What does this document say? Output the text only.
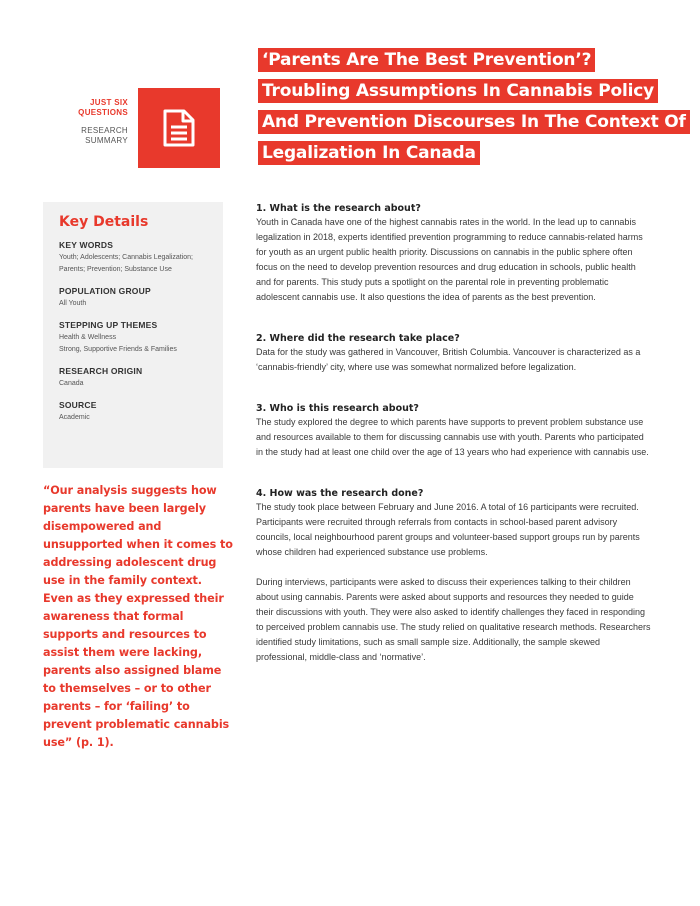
JUST SIX
QUESTIONS
RESEARCH
SUMMARY
‘Parents Are The Best Prevention’?
Troubling Assumptions In Cannabis Policy
And Prevention Discourses In The Context Of
Legalization In Canada
Key Details
KEY WORDS
Youth; Adolescents; Cannabis Legalization; Parents; Prevention; Substance Use
POPULATION GROUP
All Youth
STEPPING UP THEMES
Health & Wellness
Strong, Supportive Friends & Families
RESEARCH ORIGIN
Canada
SOURCE
Academic
“Our analysis suggests how parents have been largely disempowered and unsupported when it comes to addressing adolescent drug use in the family context. Even as they expressed their awareness that formal supports and resources to assist them were lacking, parents also assigned blame to themselves – or to other parents – for ‘failing’ to prevent problematic cannabis use” (p. 1).
1. What is the research about?

Youth in Canada have one of the highest cannabis rates in the world. In the lead up to cannabis legalization in 2018, experts identified prevention programming to reduce cannabis-related harms for youth as an urgent public health priority. Discussions on cannabis in the public sphere often focus on the need to develop prevention resources and drug education in schools, public health and for parents. This study puts a spotlight on the parental role in preventing problematic adolescent cannabis use. It also questions the idea of parents as the best prevention.

2. Where did the research take place?

Data for the study was gathered in Vancouver, British Columbia. Vancouver is characterized as a ‘cannabis-friendly’ city, where use was somewhat normalized before legalization.

3. Who is this research about?

The study explored the degree to which parents have supports to prevent problem substance use and resources available to them for discussing cannabis use with youth. Parents who participated in the study had at least one child over the age of 13 years who had experience with cannabis use.

4. How was the research done?

The study took place between February and June 2016. A total of 16 participants were recruited. Participants were recruited through referrals from contacts in school-based parent advisory councils, local neighbourhood parent groups and volunteer-based support groups run by parents whose children had experienced substance use problems.

During interviews, participants were asked to discuss their experiences talking to their children about using cannabis. Parents were asked about supports and resources they needed to guide their discussions with youth. They were also asked to identify challenges they faced in responding to perceived problem cannabis use. The study relied on qualitative research methods. Researchers identified study limitations, such as small sample size. Additionally, the sample skewed professional, middle-class and ‘normative’.
